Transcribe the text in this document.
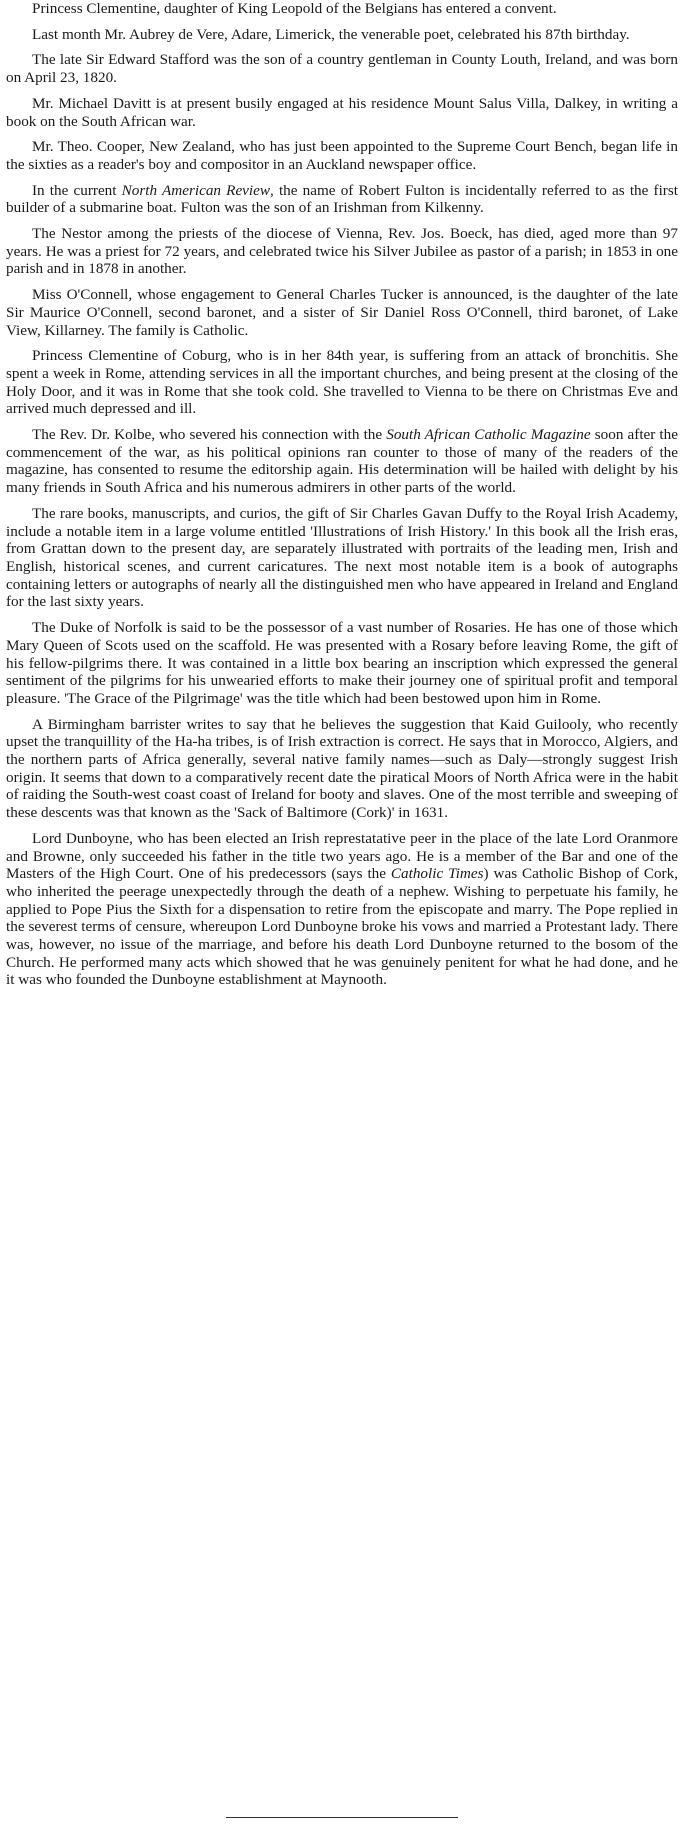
Princess Clementine, daughter of King Leopold of the Belgians has entered a convent.

Last month Mr. Aubrey de Vere, Adare, Limerick, the venerable poet, celebrated his 87th birthday.

The late Sir Edward Stafford was the son of a country gentleman in County Louth, Ireland, and was born on April 23, 1820.

Mr. Michael Davitt is at present busily engaged at his residence Mount Salus Villa, Dalkey, in writing a book on the South African war.

Mr. Theo. Cooper, New Zealand, who has just been appointed to the Supreme Court Bench, began life in the sixties as a reader's boy and compositor in an Auckland newspaper office.

In the current North American Review, the name of Robert Fulton is incidentally referred to as the first builder of a submarine boat. Fulton was the son of an Irishman from Kilkenny.

The Nestor among the priests of the diocese of Vienna, Rev. Jos. Boeck, has died, aged more than 97 years. He was a priest for 72 years, and celebrated twice his Silver Jubilee as pastor of a parish; in 1853 in one parish and in 1878 in another.

Miss O'Connell, whose engagement to General Charles Tucker is announced, is the daughter of the late Sir Maurice O'Connell, second baronet, and a sister of Sir Daniel Ross O'Connell, third baronet, of Lake View, Killarney. The family is Catholic.

Princess Clementine of Coburg, who is in her 84th year, is suffering from an attack of bronchitis. She spent a week in Rome, attending services in all the important churches, and being present at the closing of the Holy Door, and it was in Rome that she took cold. She travelled to Vienna to be there on Christmas Eve and arrived much depressed and ill.

The Rev. Dr. Kolbe, who severed his connection with the South African Catholic Magazine soon after the commencement of the war, as his political opinions ran counter to those of many of the readers of the magazine, has consented to resume the editorship again. His determination will be hailed with delight by his many friends in South Africa and his numerous admirers in other parts of the world.

The rare books, manuscripts, and curios, the gift of Sir Charles Gavan Duffy to the Royal Irish Academy, include a notable item in a large volume entitled 'Illustrations of Irish History.' In this book all the Irish eras, from Grattan down to the present day, are separately illustrated with portraits of the leading men, Irish and English, historical scenes, and current caricatures. The next most notable item is a book of autographs containing letters or autographs of nearly all the distinguished men who have appeared in Ireland and England for the last sixty years.

The Duke of Norfolk is said to be the possessor of a vast number of Rosaries. He has one of those which Mary Queen of Scots used on the scaffold. He was presented with a Rosary before leaving Rome, the gift of his fellow-pilgrims there. It was contained in a little box bearing an inscription which expressed the general sentiment of the pilgrims for his unwearied efforts to make their journey one of spiritual profit and temporal pleasure. 'The Grace of the Pilgrimage' was the title which had been bestowed upon him in Rome.

A Birmingham barrister writes to say that he believes the suggestion that Kaid Guilooly, who recently upset the tranquillity of the Ha-ha tribes, is of Irish extraction is correct. He says that in Morocco, Algiers, and the northern parts of Africa generally, several native family names—such as Daly—strongly suggest Irish origin. It seems that down to a comparatively recent date the piratical Moors of North Africa were in the habit of raiding the South-west coast coast of Ireland for booty and slaves. One of the most terrible and sweeping of these descents was that known as the 'Sack of Baltimore (Cork)' in 1631.

Lord Dunboyne, who has been elected an Irish represtatative peer in the place of the late Lord Oranmore and Browne, only succeeded his father in the title two years ago. He is a member of the Bar and one of the Masters of the High Court. One of his predecessors (says the Catholic Times) was Catholic Bishop of Cork, who inherited the peerage unexpectedly through the death of a nephew. Wishing to perpetuate his family, he applied to Pope Pius the Sixth for a dispensation to retire from the episcopate and marry. The Pope replied in the severest terms of censure, whereupon Lord Dunboyne broke his vows and married a Protestant lady. There was, however, no issue of the marriage, and before his death Lord Dunboyne returned to the bosom of the Church. He performed many acts which showed that he was genuinely penitent for what he had done, and he it was who founded the Dunboyne establishment at Maynooth.
